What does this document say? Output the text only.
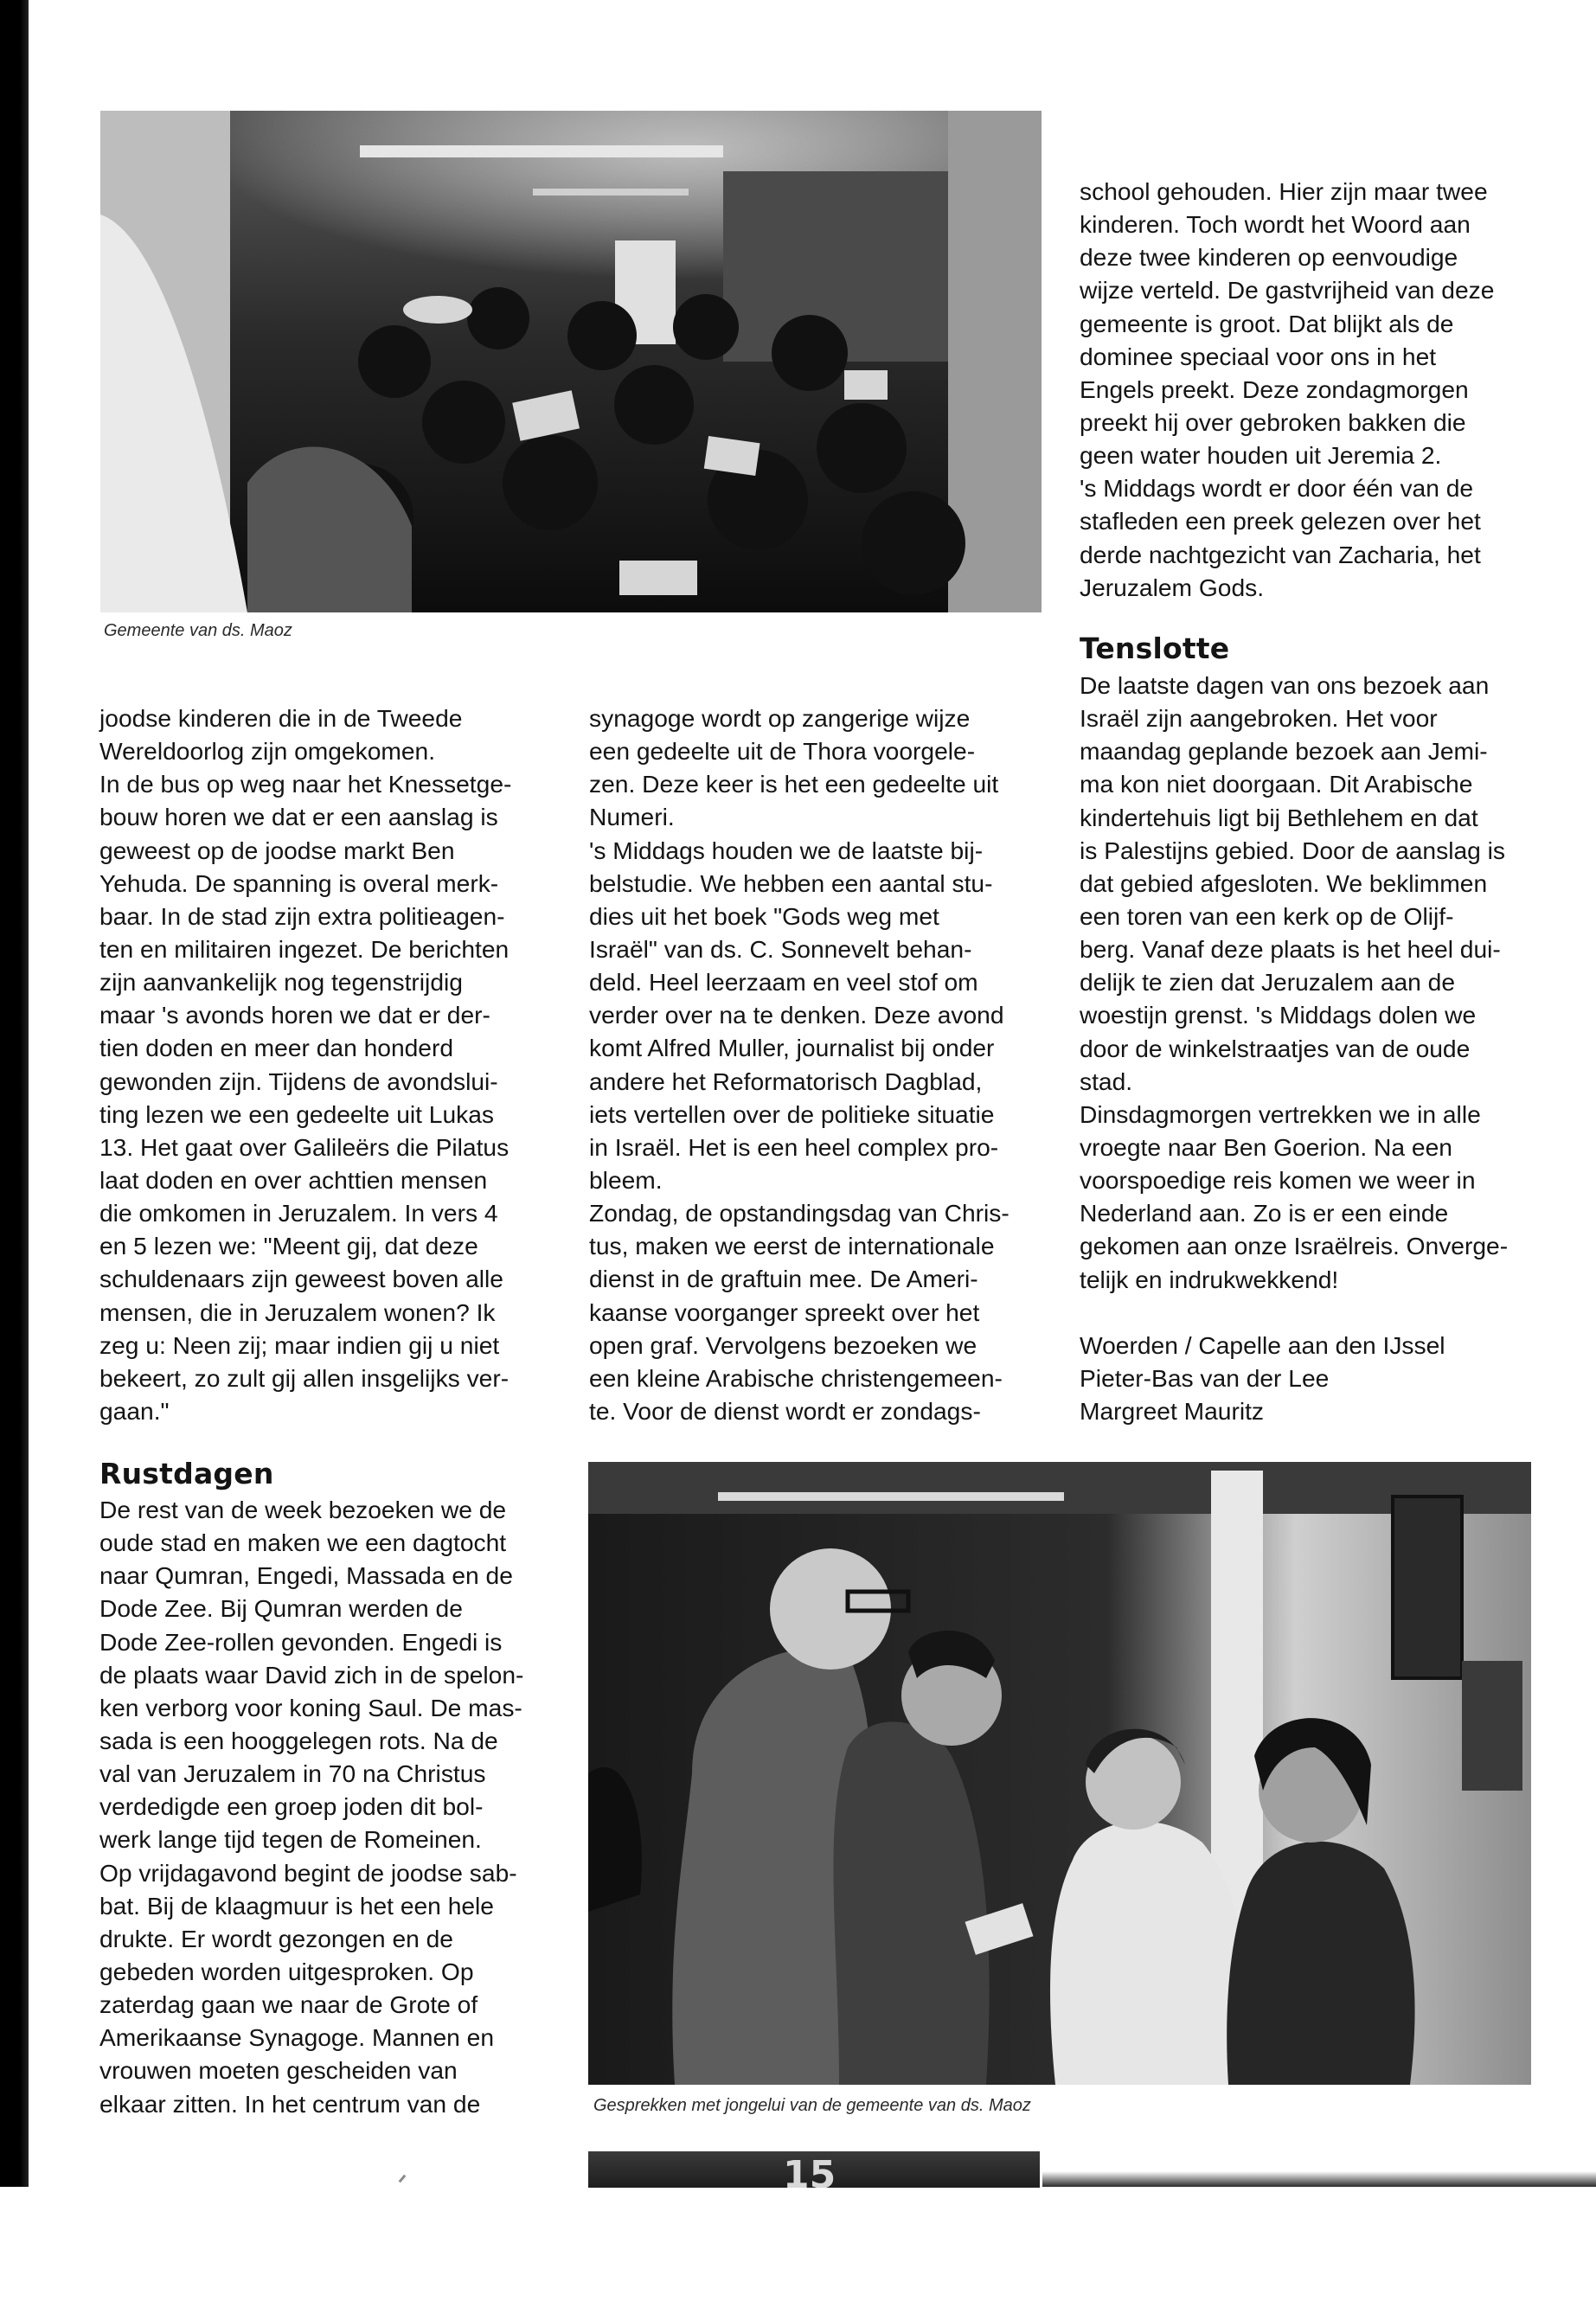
Gemeente van ds. Maoz
school gehouden. Hier zijn maar twee
kinderen. Toch wordt het Woord aan
deze twee kinderen op eenvoudige
wijze verteld. De gastvrijheid van deze
gemeente is groot. Dat blijkt als de
dominee speciaal voor ons in het
Engels preekt. Deze zondagmorgen
preekt hij over gebroken bakken die
geen water houden uit Jeremia 2.
's Middags wordt er door één van de
stafleden een preek gelezen over het
derde nachtgezicht van Zacharia, het
Jeruzalem Gods.
Tenslotte
De laatste dagen van ons bezoek aan
Israël zijn aangebroken. Het voor
maandag geplande bezoek aan Jemi-
ma kon niet doorgaan. Dit Arabische
kindertehuis ligt bij Bethlehem en dat
is Palestijns gebied. Door de aanslag is
dat gebied afgesloten. We beklimmen
een toren van een kerk op de Olijf-
berg. Vanaf deze plaats is het heel dui-
delijk te zien dat Jeruzalem aan de
woestijn grenst. 's Middags dolen we
door de winkelstraatjes van de oude
stad.
Dinsdagmorgen vertrekken we in alle
vroegte naar Ben Goerion. Na een
voorspoedige reis komen we weer in
Nederland aan. Zo is er een einde
gekomen aan onze Israëlreis. Onverge-
telijk en indrukwekkend!
Woerden / Capelle aan den IJssel
Pieter-Bas van der Lee
Margreet Mauritz
joodse kinderen die in de Tweede
Wereldoorlog zijn omgekomen.
In de bus op weg naar het Knessetge-
bouw horen we dat er een aanslag is
geweest op de joodse markt Ben
Yehuda. De spanning is overal merk-
baar. In de stad zijn extra politieagen-
ten en militairen ingezet. De berichten
zijn aanvankelijk nog tegenstrijdig
maar 's avonds horen we dat er der-
tien doden en meer dan honderd
gewonden zijn. Tijdens de avondslui-
ting lezen we een gedeelte uit Lukas
13. Het gaat over Galileërs die Pilatus
laat doden en over achttien mensen
die omkomen in Jeruzalem. In vers 4
en 5 lezen we: "Meent gij, dat deze
schuldenaars zijn geweest boven alle
mensen, die in Jeruzalem wonen? Ik
zeg u: Neen zij; maar indien gij u niet
bekeert, zo zult gij allen insgelijks ver-
gaan."
Rustdagen
De rest van de week bezoeken we de
oude stad en maken we een dagtocht
naar Qumran, Engedi, Massada en de
Dode Zee. Bij Qumran werden de
Dode Zee-rollen gevonden. Engedi is
de plaats waar David zich in de spelon-
ken verborg voor koning Saul. De mas-
sada is een hooggelegen rots. Na de
val van Jeruzalem in 70 na Christus
verdedigde een groep joden dit bol-
werk lange tijd tegen de Romeinen.
Op vrijdagavond begint de joodse sab-
bat. Bij de klaagmuur is het een hele
drukte. Er wordt gezongen en de
gebeden worden uitgesproken. Op
zaterdag gaan we naar de Grote of
Amerikaanse Synagoge. Mannen en
vrouwen moeten gescheiden van
elkaar zitten. In het centrum van de
synagoge wordt op zangerige wijze
een gedeelte uit de Thora voorgele-
zen. Deze keer is het een gedeelte uit
Numeri.
's Middags houden we de laatste bij-
belstudie. We hebben een aantal stu-
dies uit het boek "Gods weg met
Israël" van ds. C. Sonnevelt behan-
deld. Heel leerzaam en veel stof om
verder over na te denken. Deze avond
komt Alfred Muller, journalist bij onder
andere het Reformatorisch Dagblad,
iets vertellen over de politieke situatie
in Israël. Het is een heel complex pro-
bleem.
Zondag, de opstandingsdag van Chris-
tus, maken we eerst de internationale
dienst in de graftuin mee. De Ameri-
kaanse voorganger spreekt over het
open graf. Vervolgens bezoeken we
een kleine Arabische christengemeen-
te. Voor de dienst wordt er zondags-
Gesprekken met jongelui van de gemeente van ds. Maoz
15
